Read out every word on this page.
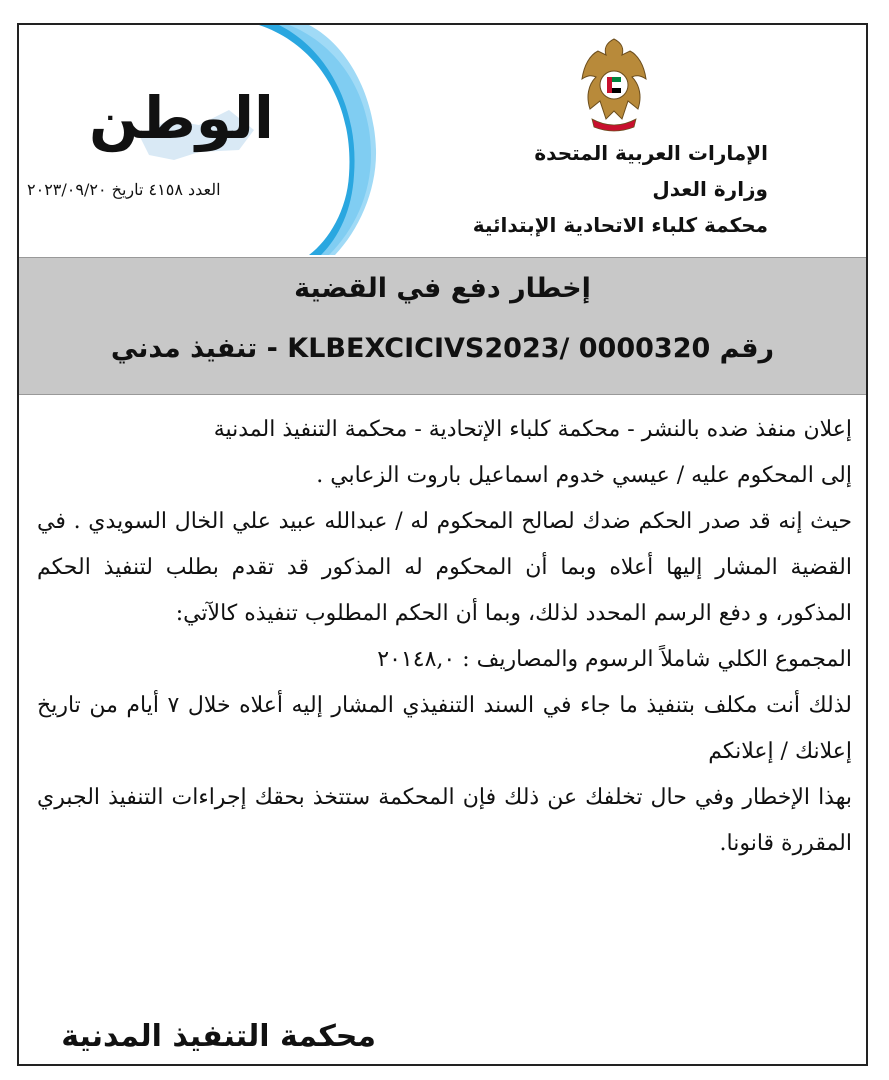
الإمارات العربية المتحدة
وزارة العدل
محكمة كلباء الاتحادية الإبتدائية
الوطن
العدد ٤١٥٨ تاريخ ٢٠٢٣/٠٩/٢٠
إخطار دفع في القضية
رقم KLBEXCICIVS2023/ 0000320 - تنفيذ مدني

إعلان منفذ ضده بالنشر - محكمة كلباء الإتحادية - محكمة التنفيذ المدنية

إلى المحكوم عليه / عيسي خدوم اسماعيل باروت الزعابي .

حيث إنه قد صدر الحكم ضدك لصالح المحكوم له / عبدالله عبيد علي الخال السويدي . في القضية المشار إليها أعلاه وبما أن المحكوم له المذكور قد تقدم بطلب لتنفيذ الحكم المذكور، و دفع الرسم المحدد لذلك، وبما أن الحكم المطلوب تنفيذه كالآتي:

المجموع الكلي شاملاً الرسوم والمصاريف : ٢٠١٤٨,٠

لذلك أنت مكلف بتنفيذ ما جاء في السند التنفيذي المشار إليه أعلاه خلال ٧ أيام من تاريخ إعلانك / إعلانكم

بهذا الإخطار وفي حال تخلفك عن ذلك فإن المحكمة ستتخذ بحقك إجراءات التنفيذ الجبري المقررة قانونا.

محكمة التنفيذ المدنية
